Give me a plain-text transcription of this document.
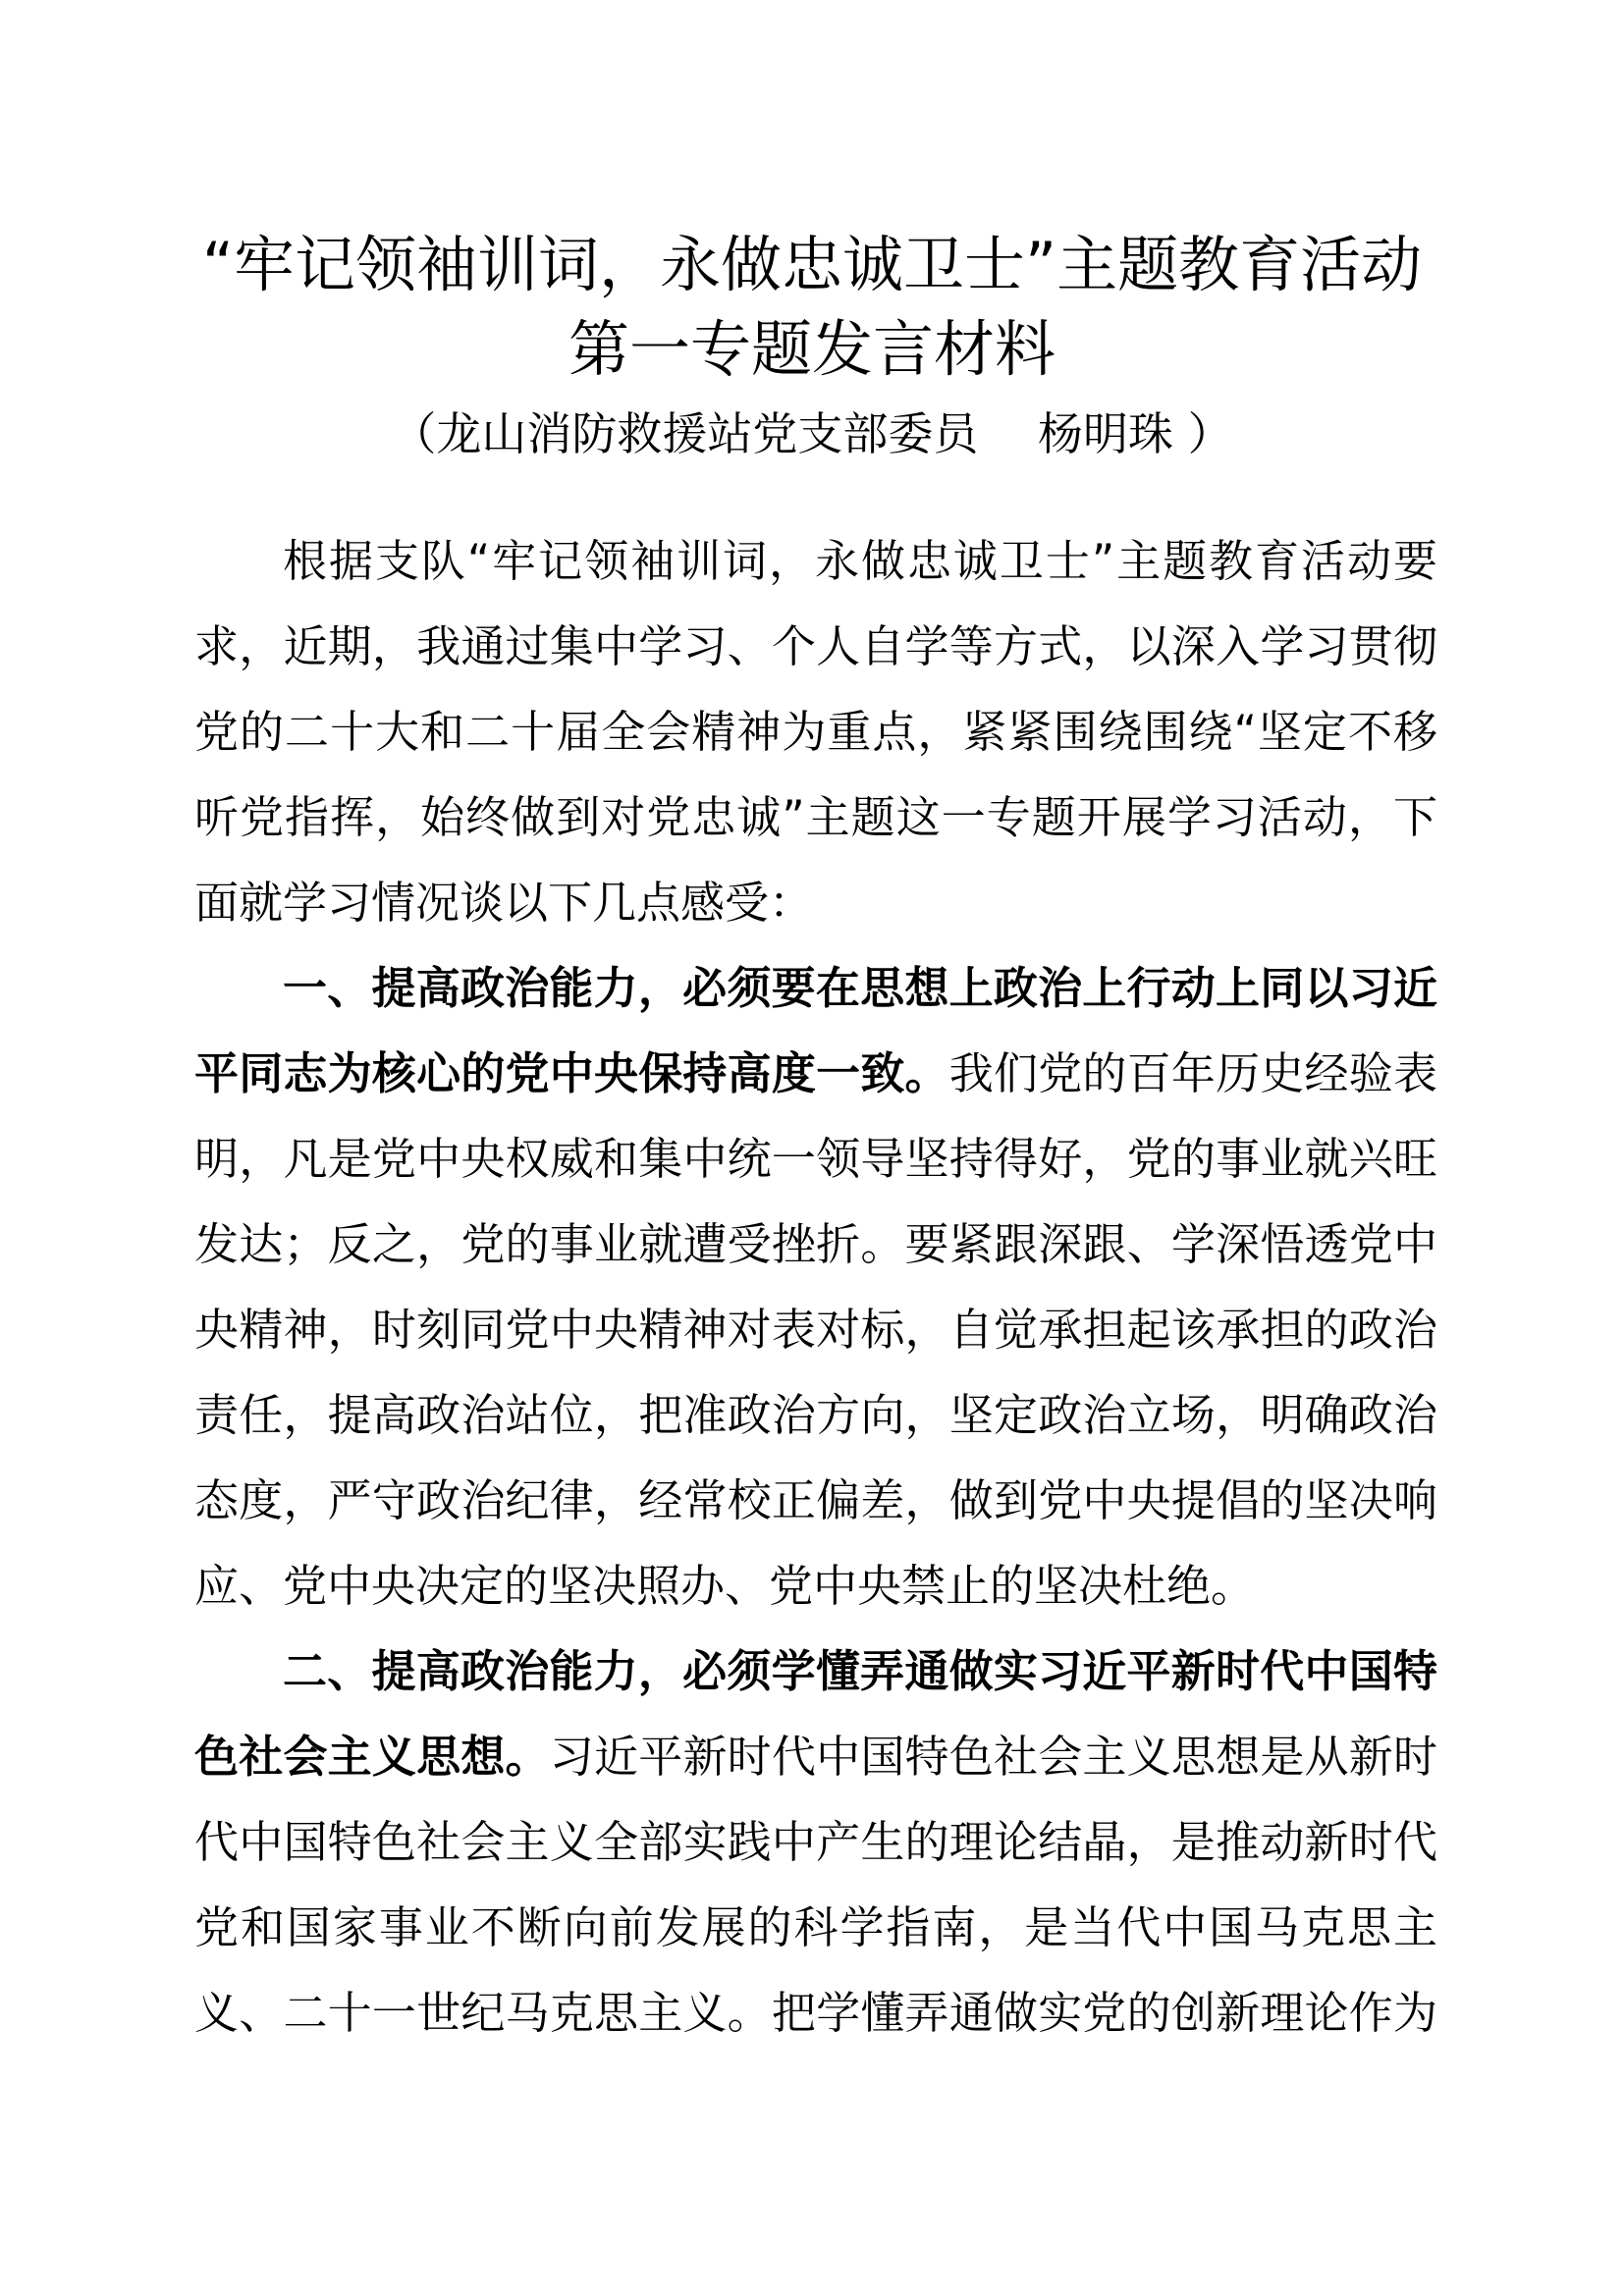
“牢记领袖训词，永做忠诚卫士”主题教育活动
第一专题发言材料
（龙山消防救援站党支部委员　 杨明珠 ）
根据支队“牢记领袖训词，永做忠诚卫士”主题教育活动要
求，近期，我通过集中学习、个人自学等方式，以深入学习贯彻
党的二十大和二十届全会精神为重点，紧紧围绕围绕“坚定不移
听党指挥，始终做到对党忠诚”主题这一专题开展学习活动，下
面就学习情况谈以下几点感受：
一、提高政治能力，必须要在思想上政治上行动上同以习近
平同志为核心的党中央保持高度一致。我们党的百年历史经验表
明，凡是党中央权威和集中统一领导坚持得好，党的事业就兴旺
发达；反之，党的事业就遭受挫折。要紧跟深跟、学深悟透党中
央精神，时刻同党中央精神对表对标，自觉承担起该承担的政治
责任，提高政治站位，把准政治方向，坚定政治立场，明确政治
态度，严守政治纪律，经常校正偏差，做到党中央提倡的坚决响
应、党中央决定的坚决照办、党中央禁止的坚决杜绝。
二、提高政治能力，必须学懂弄通做实习近平新时代中国特
色社会主义思想。习近平新时代中国特色社会主义思想是从新时
代中国特色社会主义全部实践中产生的理论结晶，是推动新时代
党和国家事业不断向前发展的科学指南，是当代中国马克思主
义、二十一世纪马克思主义。把学懂弄通做实党的创新理论作为
